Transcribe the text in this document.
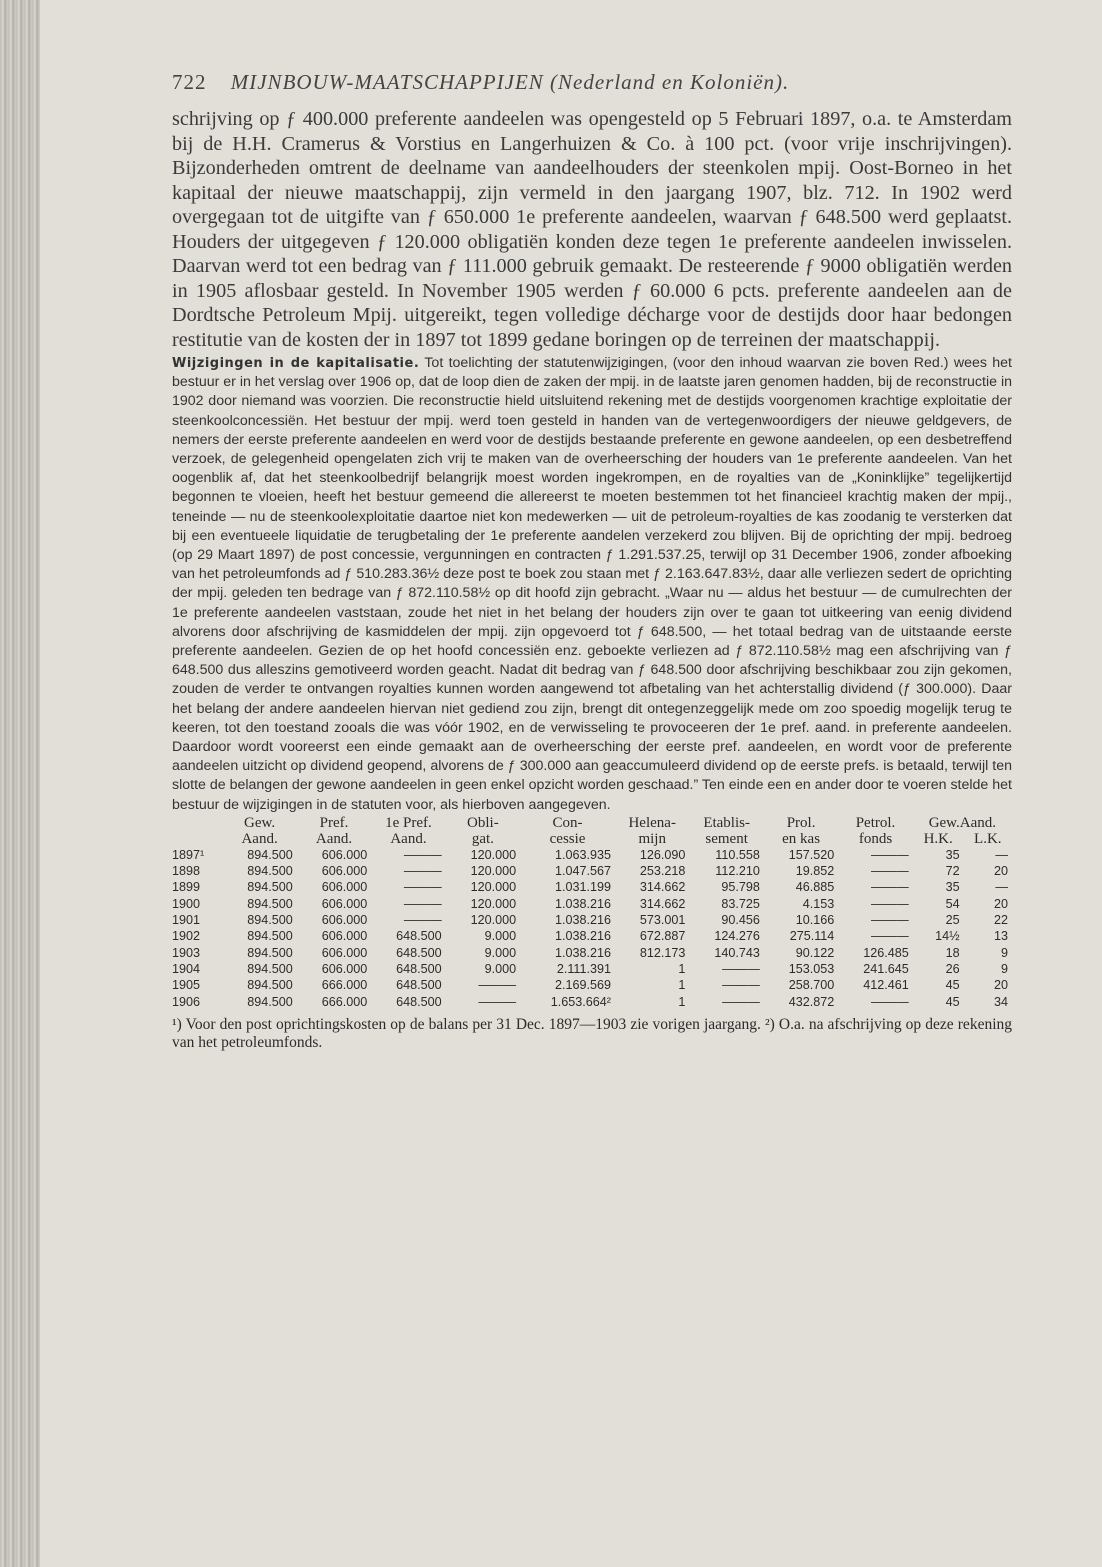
722 MIJNBOUW-MAATSCHAPPIJEN (Nederland en Koloniën).

schrijving op ƒ 400.000 preferente aandeelen was opengesteld op 5 Februari 1897, o.a. te Amsterdam bij de H.H. Cramerus & Vorstius en Langerhuizen & Co. à 100 pct. (voor vrije inschrijvingen). Bijzonderheden omtrent de deelname van aandeelhouders der steenkolen mpij. Oost-Borneo in het kapitaal der nieuwe maatschappij, zijn vermeld in den jaargang 1907, blz. 712. In 1902 werd overgegaan tot de uitgifte van ƒ 650.000 1e preferente aandeelen, waarvan ƒ 648.500 werd geplaatst. Houders der uitgegeven ƒ 120.000 obligatiën konden deze tegen 1e preferente aandeelen inwisselen. Daarvan werd tot een bedrag van ƒ 111.000 gebruik gemaakt. De resteerende ƒ 9000 obligatiën werden in 1905 aflosbaar gesteld. In November 1905 werden ƒ 60.000 6 pcts. preferente aandeelen aan de Dordtsche Petroleum Mpij. uitgereikt, tegen volledige décharge voor de destijds door haar bedongen restitutie van de kosten der in 1897 tot 1899 gedane boringen op de terreinen der maatschappij.

Wijzigingen in de kapitalisatie. Tot toelichting der statutenwijzigingen, (voor den inhoud waarvan zie boven Red.) wees het bestuur er in het verslag over 1906 op, dat de loop dien de zaken der mpij. in de laatste jaren genomen hadden, bij de reconstructie in 1902 door niemand was voorzien. Die reconstructie hield uitsluitend rekening met de destijds voorgenomen krachtige exploitatie der steenkoolconcessiën. Het bestuur der mpij. werd toen gesteld in handen van de vertegenwoordigers der nieuwe geldgevers, de nemers der eerste preferente aandeelen en werd voor de destijds bestaande preferente en gewone aandeelen, op een desbetreffend verzoek, de gelegenheid opengelaten zich vrij te maken van de overheersching der houders van 1e preferente aandeelen. Van het oogenblik af, dat het steenkoolbedrijf belangrijk moest worden ingekrompen, en de royalties van de „Koninklijke” tegelijkertijd begonnen te vloeien, heeft het bestuur gemeend die allereerst te moeten bestemmen tot het financieel krachtig maken der mpij., teneinde — nu de steenkoolexploitatie daartoe niet kon medewerken — uit de petroleum-royalties de kas zoodanig te versterken dat bij een eventueele liquidatie de terugbetaling der 1e preferente aandelen verzekerd zou blijven. Bij de oprichting der mpij. bedroeg (op 29 Maart 1897) de post concessie, vergunningen en contracten ƒ 1.291.537.25, terwijl op 31 December 1906, zonder afboeking van het petroleumfonds ad ƒ 510.283.36½ deze post te boek zou staan met ƒ 2.163.647.83½, daar alle verliezen sedert de oprichting der mpij. geleden ten bedrage van ƒ 872.110.58½ op dit hoofd zijn gebracht. „Waar nu — aldus het bestuur — de cumulrechten der 1e preferente aandeelen vaststaan, zoude het niet in het belang der houders zijn over te gaan tot uitkeering van eenig dividend alvorens door afschrijving de kasmiddelen der mpij. zijn opgevoerd tot ƒ 648.500, — het totaal bedrag van de uitstaande eerste preferente aandeelen. Gezien de op het hoofd concessiën enz. geboekte verliezen ad ƒ 872.110.58½ mag een afschrijving van ƒ 648.500 dus alleszins gemotiveerd worden geacht. Nadat dit bedrag van ƒ 648.500 door afschrijving beschikbaar zou zijn gekomen, zouden de verder te ontvangen royalties kunnen worden aangewend tot afbetaling van het achterstallig dividend (ƒ 300.000). Daar het belang der andere aandeelen hiervan niet gediend zou zijn, brengt dit ontegenzeggelijk mede om zoo spoedig mogelijk terug te keeren, tot den toestand zooals die was vóór 1902, en de verwisseling te provoceeren der 1e pref. aand. in preferente aandeelen. Daardoor wordt vooreerst een einde gemaakt aan de overheersching der eerste pref. aandeelen, en wordt voor de preferente aandeelen uitzicht op dividend geopend, alvorens de ƒ 300.000 aan geaccumuleerd dividend op de eerste prefs. is betaald, terwijl ten slotte de belangen der gewone aandeelen in geen enkel opzicht worden geschaad.” Ten einde een en ander door te voeren stelde het bestuur de wijzigingen in de statuten voor, als hierboven aangegeven.

	Gew.	Pref.	1e Pref.	Obli-	Con-	Helena-	Etablis-	Prol.	Petrol.	Gew.Aand.	
	Aand.	Aand.	Aand.	gat.	cessie	mijn	sement	en kas	fonds	H.K.	L.K.
1897¹	894.500	606.000	———	120.000	1.063.935	126.090	110.558	157.520	———	35	—
1898	894.500	606.000	———	120.000	1.047.567	253.218	112.210	19.852	———	72	20
1899	894.500	606.000	———	120.000	1.031.199	314.662	95.798	46.885	———	35	—
1900	894.500	606.000	———	120.000	1.038.216	314.662	83.725	4.153	———	54	20
1901	894.500	606.000	———	120.000	1.038.216	573.001	90.456	10.166	———	25	22
1902	894.500	606.000	648.500	9.000	1.038.216	672.887	124.276	275.114	———	14½	13
1903	894.500	606.000	648.500	9.000	1.038.216	812.173	140.743	90.122	126.485	18	9
1904	894.500	606.000	648.500	9.000	2.111.391	1	———	153.053	241.645	26	9
1905	894.500	666.000	648.500	———	2.169.569	1	———	258.700	412.461	45	20
1906	894.500	666.000	648.500	———	1.653.664²	1	———	432.872	———	45	34

¹) Voor den post oprichtingskosten op de balans per 31 Dec. 1897—1903 zie vorigen jaargang. ²) O.a. na afschrijving op deze rekening van het petroleumfonds.
